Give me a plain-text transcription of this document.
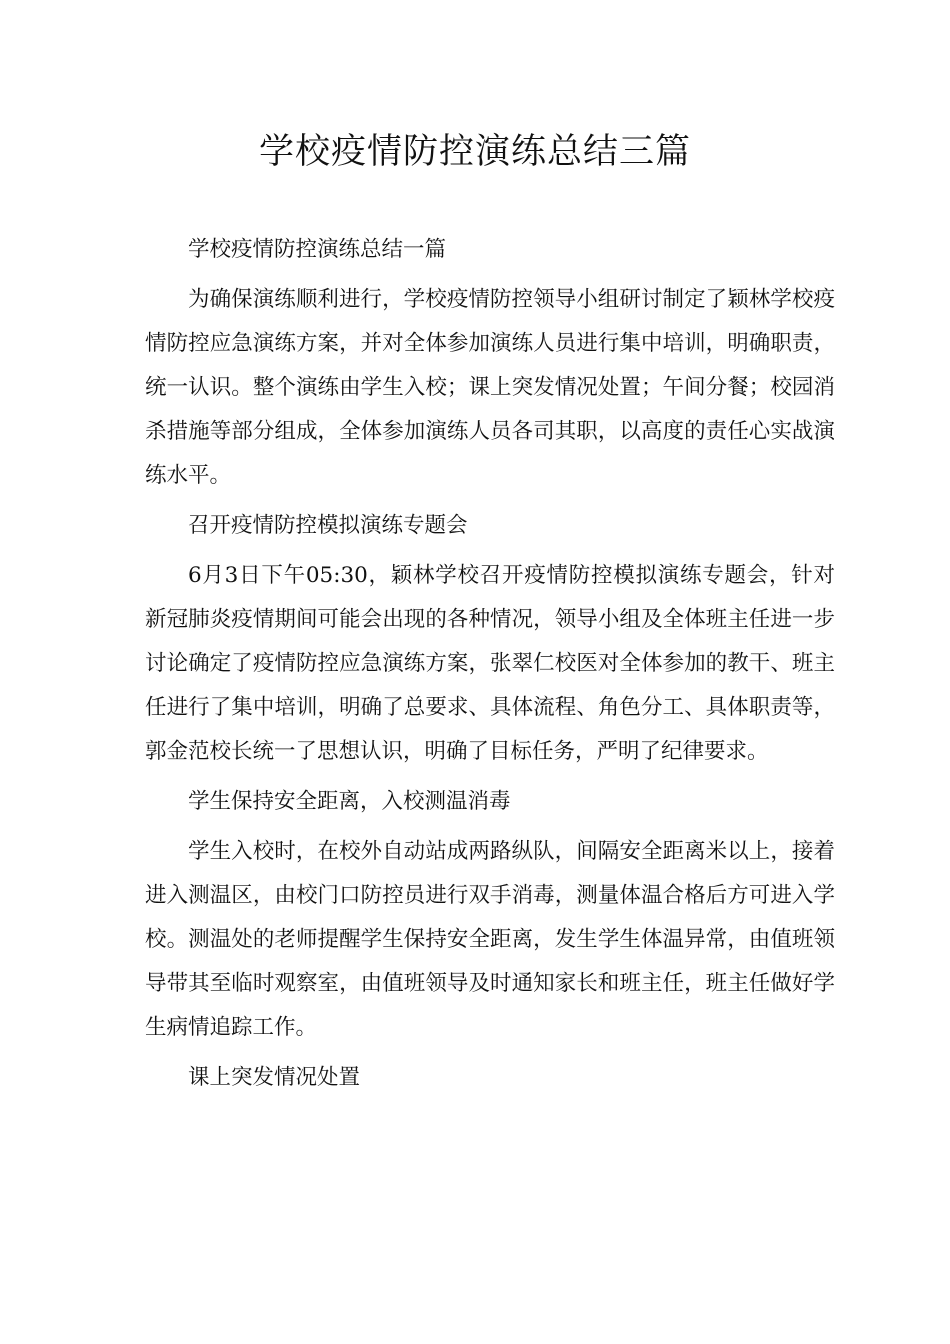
学校疫情防控演练总结三篇

学校疫情防控演练总结一篇

为确保演练顺利进行，学校疫情防控领导小组研讨制定了颖林学校疫情防控应急演练方案，并对全体参加演练人员进行集中培训，明确职责，统一认识。整个演练由学生入校；课上突发情况处置；午间分餐；校园消杀措施等部分组成，全体参加演练人员各司其职，以高度的责任心实战演练水平。

召开疫情防控模拟演练专题会

6月3日下午05:30，颖林学校召开疫情防控模拟演练专题会，针对新冠肺炎疫情期间可能会出现的各种情况，领导小组及全体班主任进一步讨论确定了疫情防控应急演练方案，张翠仁校医对全体参加的教干、班主任进行了集中培训，明确了总要求、具体流程、角色分工、具体职责等，郭金范校长统一了思想认识，明确了目标任务，严明了纪律要求。

学生保持安全距离，入校测温消毒

学生入校时，在校外自动站成两路纵队，间隔安全距离米以上，接着进入测温区，由校门口防控员进行双手消毒，测量体温合格后方可进入学校。测温处的老师提醒学生保持安全距离，发生学生体温异常，由值班领导带其至临时观察室，由值班领导及时通知家长和班主任，班主任做好学生病情追踪工作。

课上突发情况处置
